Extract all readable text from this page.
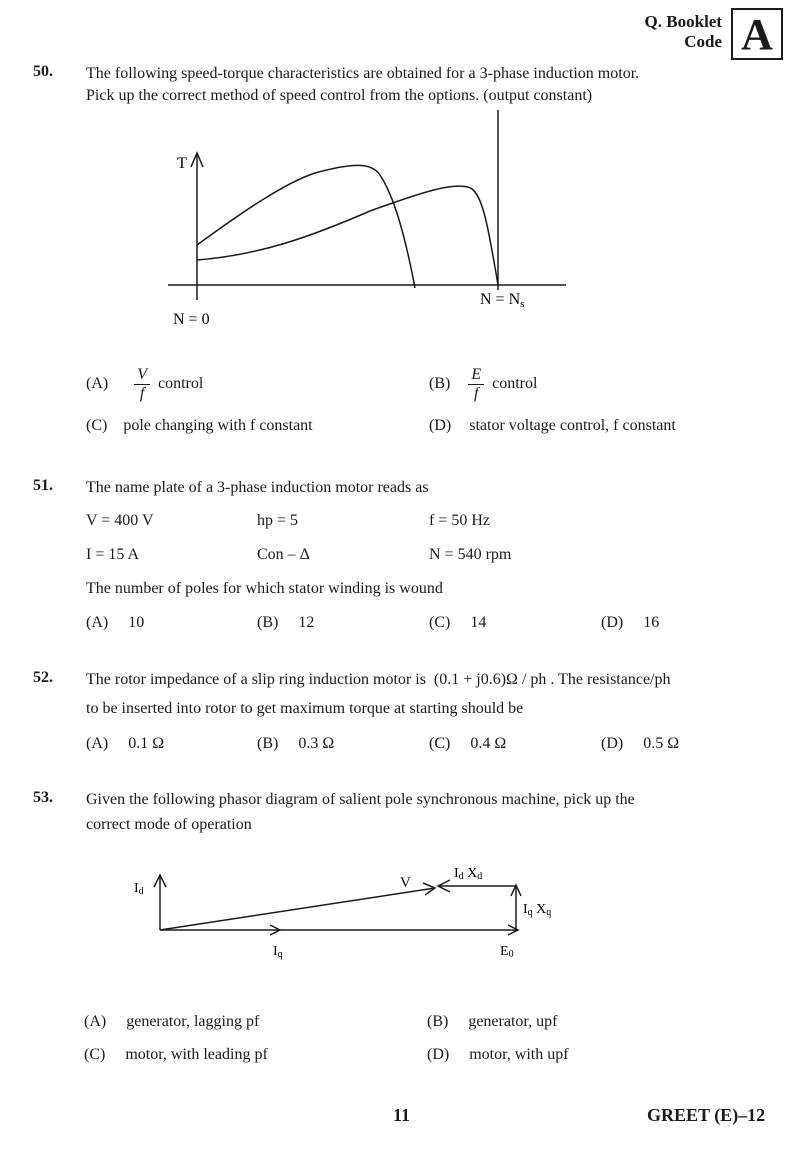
Q. Booklet
Code A
50. The following speed-torque characteristics are obtained for a 3-phase induction motor.
Pick up the correct method of speed control from the options. (output constant)
T
N = 0
N = Ns
$(A) \frac{V}{f}$ control	$(B) \frac{E}{f}$ control
(C) pole changing with f constant	(D) stator voltage control, f constant
51. The name plate of a 3-phase induction motor reads as
V = 400 V	hp = 5	f = 50 Hz
I = 15 A	Con – Δ	N = 540 rpm
The number of poles for which stator winding is wound
(A) 10	(B) 12	(C) 14	(D) 16
52. The rotor impedance of a slip ring induction motor is (0.1 + j0.6)Ω / ph . The resistance/ph
to be inserted into rotor to get maximum torque at starting should be
(A) 0.1 Ω	(B) 0.3 Ω	(C) 0.4 Ω	(D) 0.5 Ω
53. Given the following phasor diagram of salient pole synchronous machine, pick up the
correct mode of operation
Id
V
Id Xd
Iq Xq
Iq	E0
(A) generator, lagging pf	(B) generator, upf
(C) motor, with leading pf	(D) motor, with upf
11	GREET (E)–12
